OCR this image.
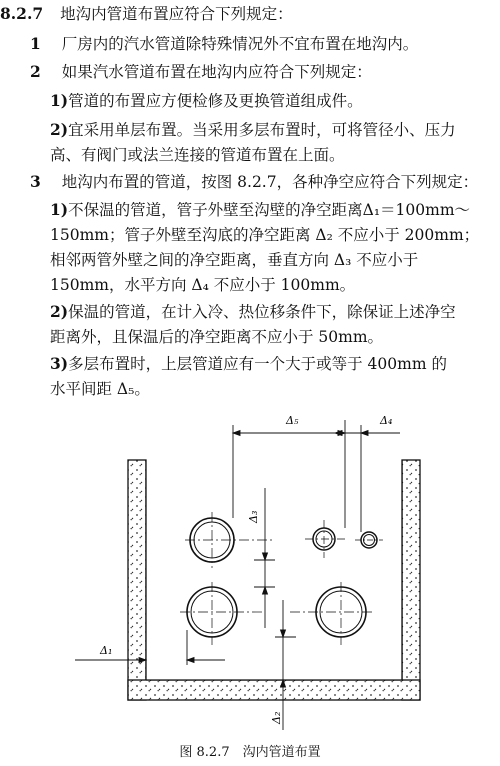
8.2.7 地沟内管道布置应符合下列规定：
1 厂房内的汽水管道除特殊情况外不宜布置在地沟内。
2 如果汽水管道布置在地沟内应符合下列规定：
1)管道的布置应方便检修及更换管道组成件。
2)宜采用单层布置。当采用多层布置时，可将管径小、压力
高、有阀门或法兰连接的管道布置在上面。
3 地沟内布置的管道，按图 8.2.7，各种净空应符合下列规定：
1)不保温的管道，管子外壁至沟壁的净空距离Δ₁＝100mm～
150mm；管子外壁至沟底的净空距离 Δ₂ 不应小于 200mm；
相邻两管外壁之间的净空距离，垂直方向 Δ₃ 不应小于
150mm，水平方向 Δ₄ 不应小于 100mm。
2)保温的管道，在计入冷、热位移条件下，除保证上述净空
距离外，且保温后的净空距离不应小于 50mm。
3)多层布置时，上层管道应有一个大于或等于 400mm 的
水平间距 Δ₅。
Δ₅	Δ₄
Δ₃
Δ₁
Δ₂
图 8.2.7　沟内管道布置
